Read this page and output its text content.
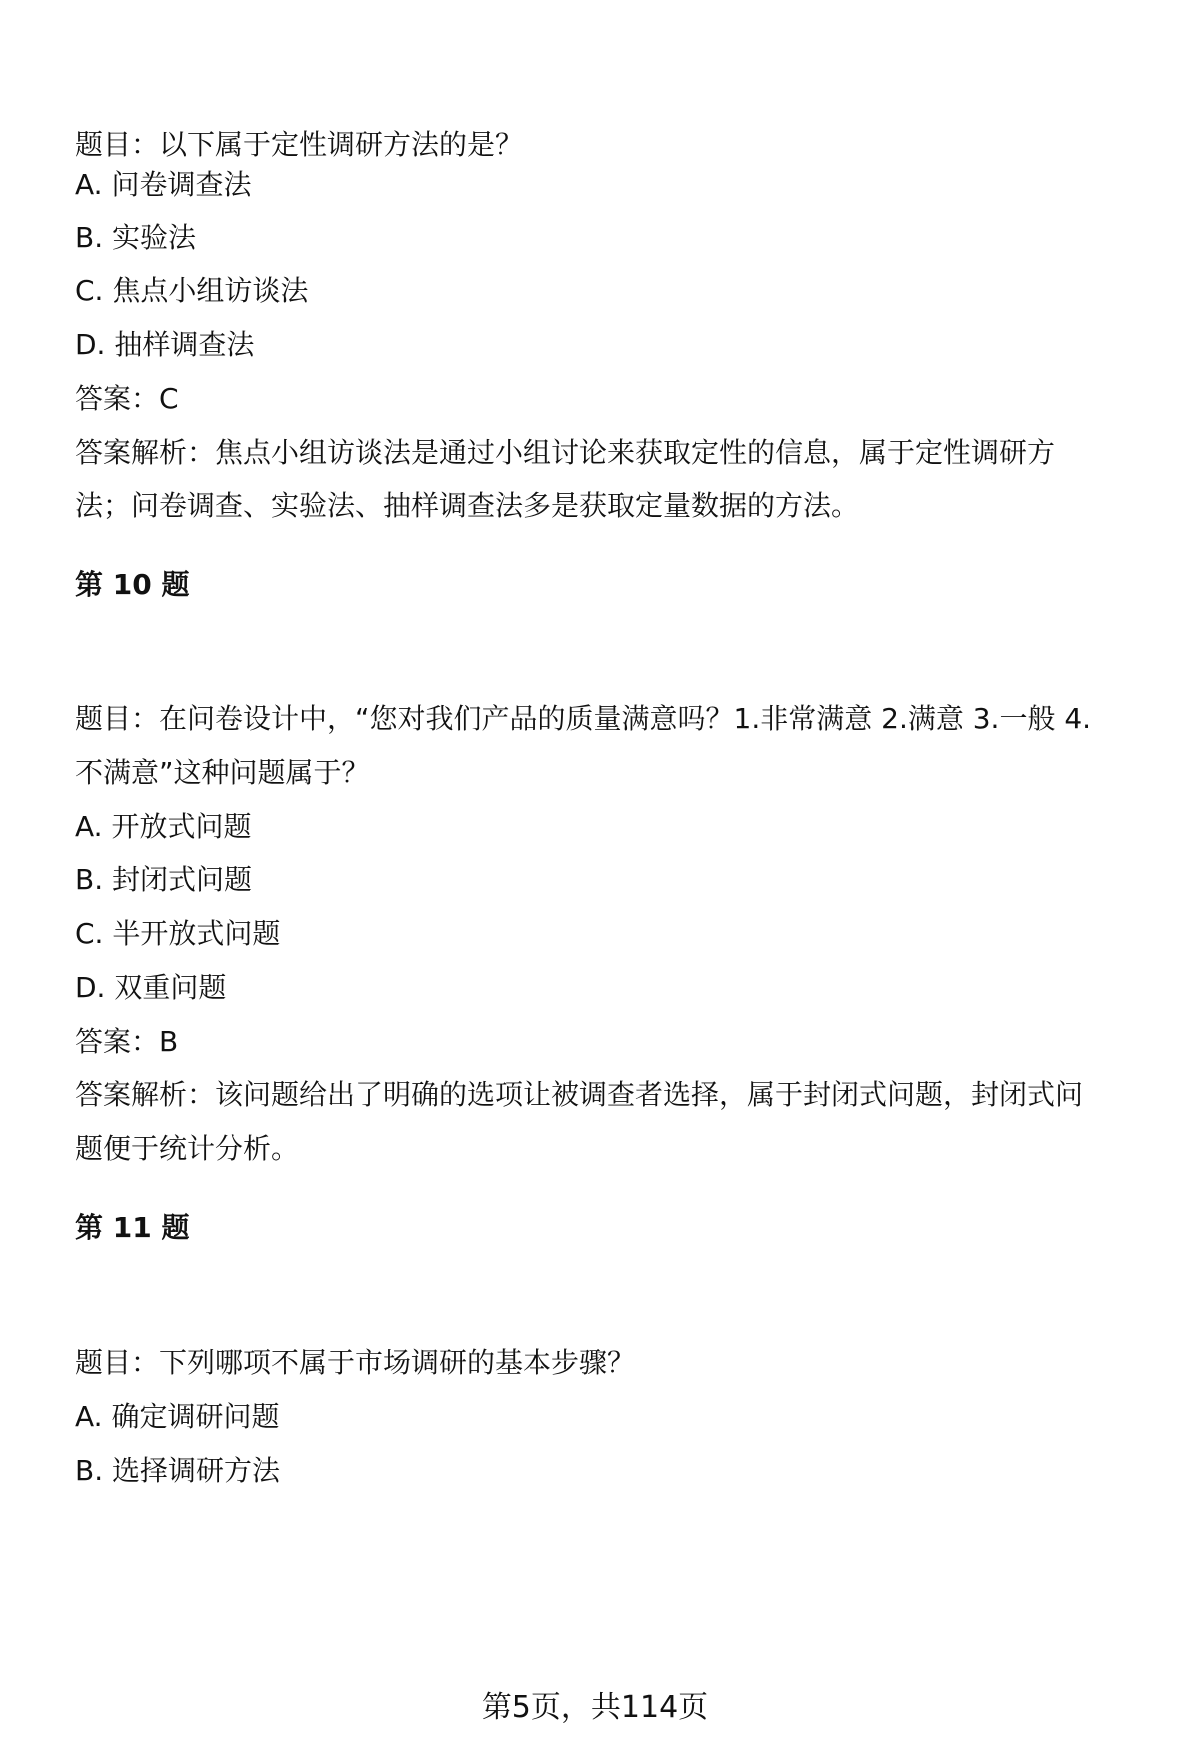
题目：以下属于定性调研方法的是？
A. 问卷调查法
B. 实验法
C. 焦点小组访谈法
D. 抽样调查法
答案：C
答案解析：焦点小组访谈法是通过小组讨论来获取定性的信息，属于定性调研方
法；问卷调查、实验法、抽样调查法多是获取定量数据的方法。
第 10 题
题目：在问卷设计中，“您对我们产品的质量满意吗？1.非常满意 2.满意 3.一般 4.
不满意”这种问题属于？
A. 开放式问题
B. 封闭式问题
C. 半开放式问题
D. 双重问题
答案：B
答案解析：该问题给出了明确的选项让被调查者选择，属于封闭式问题，封闭式问
题便于统计分析。
第 11 题
题目：下列哪项不属于市场调研的基本步骤？
A. 确定调研问题
B. 选择调研方法
第5页，共114页
